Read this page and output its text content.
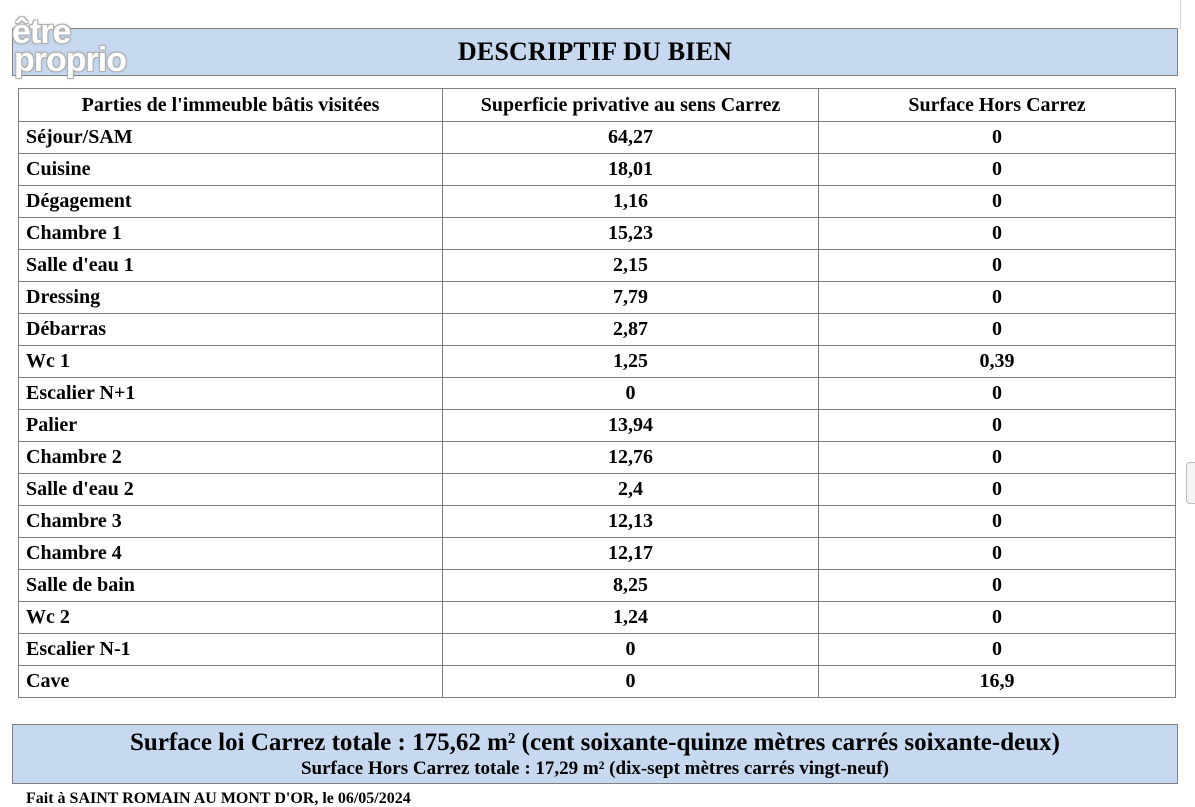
DESCRIPTIF DU BIEN
être
proprio
Parties de l'immeuble bâtis visitées	Superficie privative au sens Carrez	Surface Hors Carrez
Séjour/SAM	64,27	0
Cuisine	18,01	0
Dégagement	1,16	0
Chambre 1	15,23	0
Salle d'eau 1	2,15	0
Dressing	7,79	0
Débarras	2,87	0
Wc 1	1,25	0,39
Escalier N+1	0	0
Palier	13,94	0
Chambre 2	12,76	0
Salle d'eau 2	2,4	0
Chambre 3	12,13	0
Chambre 4	12,17	0
Salle de bain	8,25	0
Wc 2	1,24	0
Escalier N-1	0	0
Cave	0	16,9
Surface loi Carrez totale : 175,62 m² (cent soixante-quinze mètres carrés soixante-deux)
Surface Hors Carrez totale : 17,29 m² (dix-sept mètres carrés vingt-neuf)
Fait à SAINT ROMAIN AU MONT D'OR, le 06/05/2024
